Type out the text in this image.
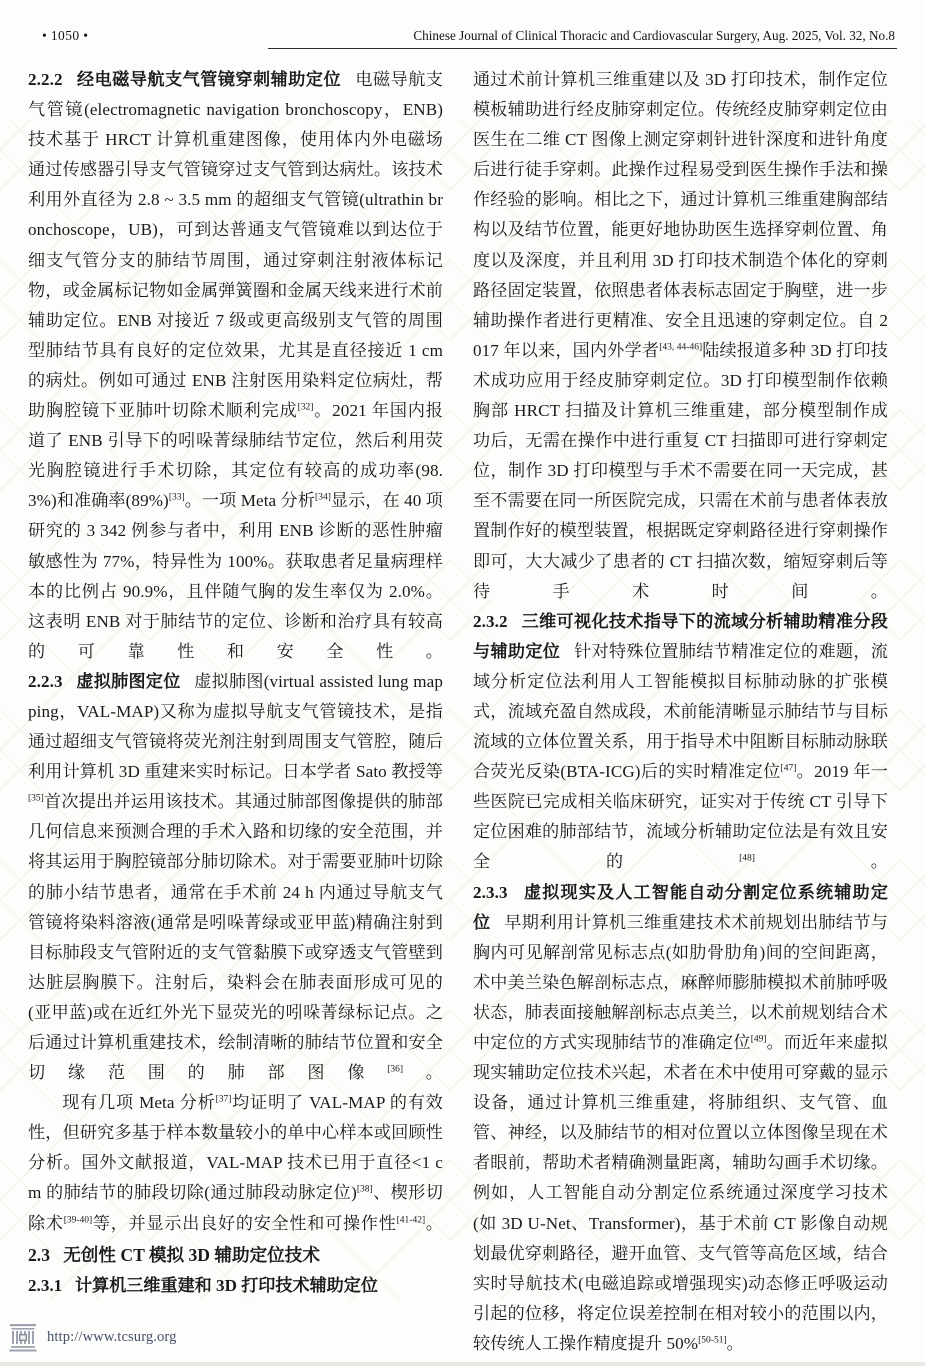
• 1050 •	Chinese Journal of Clinical Thoracic and Cardiovascular Surgery, Aug. 2025, Vol. 32, No.8

2.2.2 经电磁导航支气管镜穿刺辅助定位 电磁导航支气管镜(electromagnetic navigation bronchoscopy，ENB)技术基于 HRCT 计算机重建图像，使用体内外电磁场通过传感器引导支气管镜穿过支气管到达病灶。该技术利用外直径为 2.8 ~ 3.5 mm 的超细支气管镜(ultrathin bronchoscope，UB)，可到达普通支气管镜难以到达位于细支气管分支的肺结节周围，通过穿刺注射液体标记物，或金属标记物如金属弹簧圈和金属天线来进行术前辅助定位。ENB 对接近 7 级或更高级别支气管的周围型肺结节具有良好的定位效果，尤其是直径接近 1 cm 的病灶。例如可通过 ENB 注射医用染料定位病灶，帮助胸腔镜下亚肺叶切除术顺利完成[32]。2021 年国内报道了 ENB 引导下的吲哚菁绿肺结节定位，然后利用荧光胸腔镜进行手术切除，其定位有较高的成功率(98.3%)和准确率(89%)[33]。一项 Meta 分析[34]显示，在 40 项研究的 3 342 例参与者中，利用 ENB 诊断的恶性肿瘤敏感性为 77%，特异性为 100%。获取患者足量病理样本的比例占 90.9%，且伴随气胸的发生率仅为 2.0%。这表明 ENB 对于肺结节的定位、诊断和治疗具有较高的可靠性和安全性。

2.2.3 虚拟肺图定位 虚拟肺图(virtual assisted lung mapping，VAL-MAP)又称为虚拟导航支气管镜技术，是指通过超细支气管镜将荧光剂注射到周围支气管腔，随后利用计算机 3D 重建来实时标记。日本学者 Sato 教授等[35]首次提出并运用该技术。其通过肺部图像提供的肺部几何信息来预测合理的手术入路和切缘的安全范围，并将其运用于胸腔镜部分肺切除术。对于需要亚肺叶切除的肺小结节患者，通常在手术前 24 h 内通过导航支气管镜将染料溶液(通常是吲哚菁绿或亚甲蓝)精确注射到目标肺段支气管附近的支气管黏膜下或穿透支气管壁到达脏层胸膜下。注射后，染料会在肺表面形成可见的(亚甲蓝)或在近红外光下显荧光的吲哚菁绿标记点。之后通过计算机重建技术，绘制清晰的肺结节位置和安全切缘范围的肺部图像[36]。

现有几项 Meta 分析[37]均证明了 VAL-MAP 的有效性，但研究多基于样本数量较小的单中心样本或回顾性分析。国外文献报道，VAL-MAP 技术已用于直径<1 cm 的肺结节的肺段切除(通过肺段动脉定位)[38]、楔形切除术[39-40]等，并显示出良好的安全性和可操作性[41-42]。

2.3 无创性 CT 模拟 3D 辅助定位技术

2.3.1 计算机三维重建和 3D 打印技术辅助定位

通过术前计算机三维重建以及 3D 打印技术，制作定位模板辅助进行经皮肺穿刺定位。传统经皮肺穿刺定位由医生在二维 CT 图像上测定穿刺针进针深度和进针角度后进行徒手穿刺。此操作过程易受到医生操作手法和操作经验的影响。相比之下，通过计算机三维重建胸部结构以及结节位置，能更好地协助医生选择穿刺位置、角度以及深度，并且利用 3D 打印技术制造个体化的穿刺路径固定装置，依照患者体表标志固定于胸壁，进一步辅助操作者进行更精准、安全且迅速的穿刺定位。自 2017 年以来，国内外学者[43, 44-46]陆续报道多种 3D 打印技术成功应用于经皮肺穿刺定位。3D 打印模型制作依赖胸部 HRCT 扫描及计算机三维重建，部分模型制作成功后，无需在操作中进行重复 CT 扫描即可进行穿刺定位，制作 3D 打印模型与手术不需要在同一天完成，甚至不需要在同一所医院完成，只需在术前与患者体表放置制作好的模型装置，根据既定穿刺路径进行穿刺操作即可，大大减少了患者的 CT 扫描次数，缩短穿刺后等待手术时间。

2.3.2 三维可视化技术指导下的流域分析辅助精准分段与辅助定位 针对特殊位置肺结节精准定位的难题，流域分析定位法利用人工智能模拟目标肺动脉的扩张模式，流域充盈自然成段，术前能清晰显示肺结节与目标流域的立体位置关系，用于指导术中阻断目标肺动脉联合荧光反染(BTA-ICG)后的实时精准定位[47]。2019 年一些医院已完成相关临床研究，证实对于传统 CT 引导下定位困难的肺部结节，流域分析辅助定位法是有效且安全的[48]。

2.3.3 虚拟现实及人工智能自动分割定位系统辅助定位 早期利用计算机三维重建技术术前规划出肺结节与胸内可见解剖常见标志点(如肋骨肋角)间的空间距离，术中美兰染色解剖标志点，麻醉师膨肺模拟术前肺呼吸状态，肺表面接触解剖标志点美兰，以术前规划结合术中定位的方式实现肺结节的准确定位[49]。而近年来虚拟现实辅助定位技术兴起，术者在术中使用可穿戴的显示设备，通过计算机三维重建，将肺组织、支气管、血管、神经，以及肺结节的相对位置以立体图像呈现在术者眼前，帮助术者精确测量距离，辅助勾画手术切缘。例如，人工智能自动分割定位系统通过深度学习技术(如 3D U-Net、Transformer)，基于术前 CT 影像自动规划最优穿刺路径，避开血管、支气管等高危区域，结合实时导航技术(电磁追踪或增强现实)动态修正呼吸运动引起的位移，将定位误差控制在相对较小的范围以内，较传统人工操作精度提升 50%[50-51]。

http://www.tcsurg.org
